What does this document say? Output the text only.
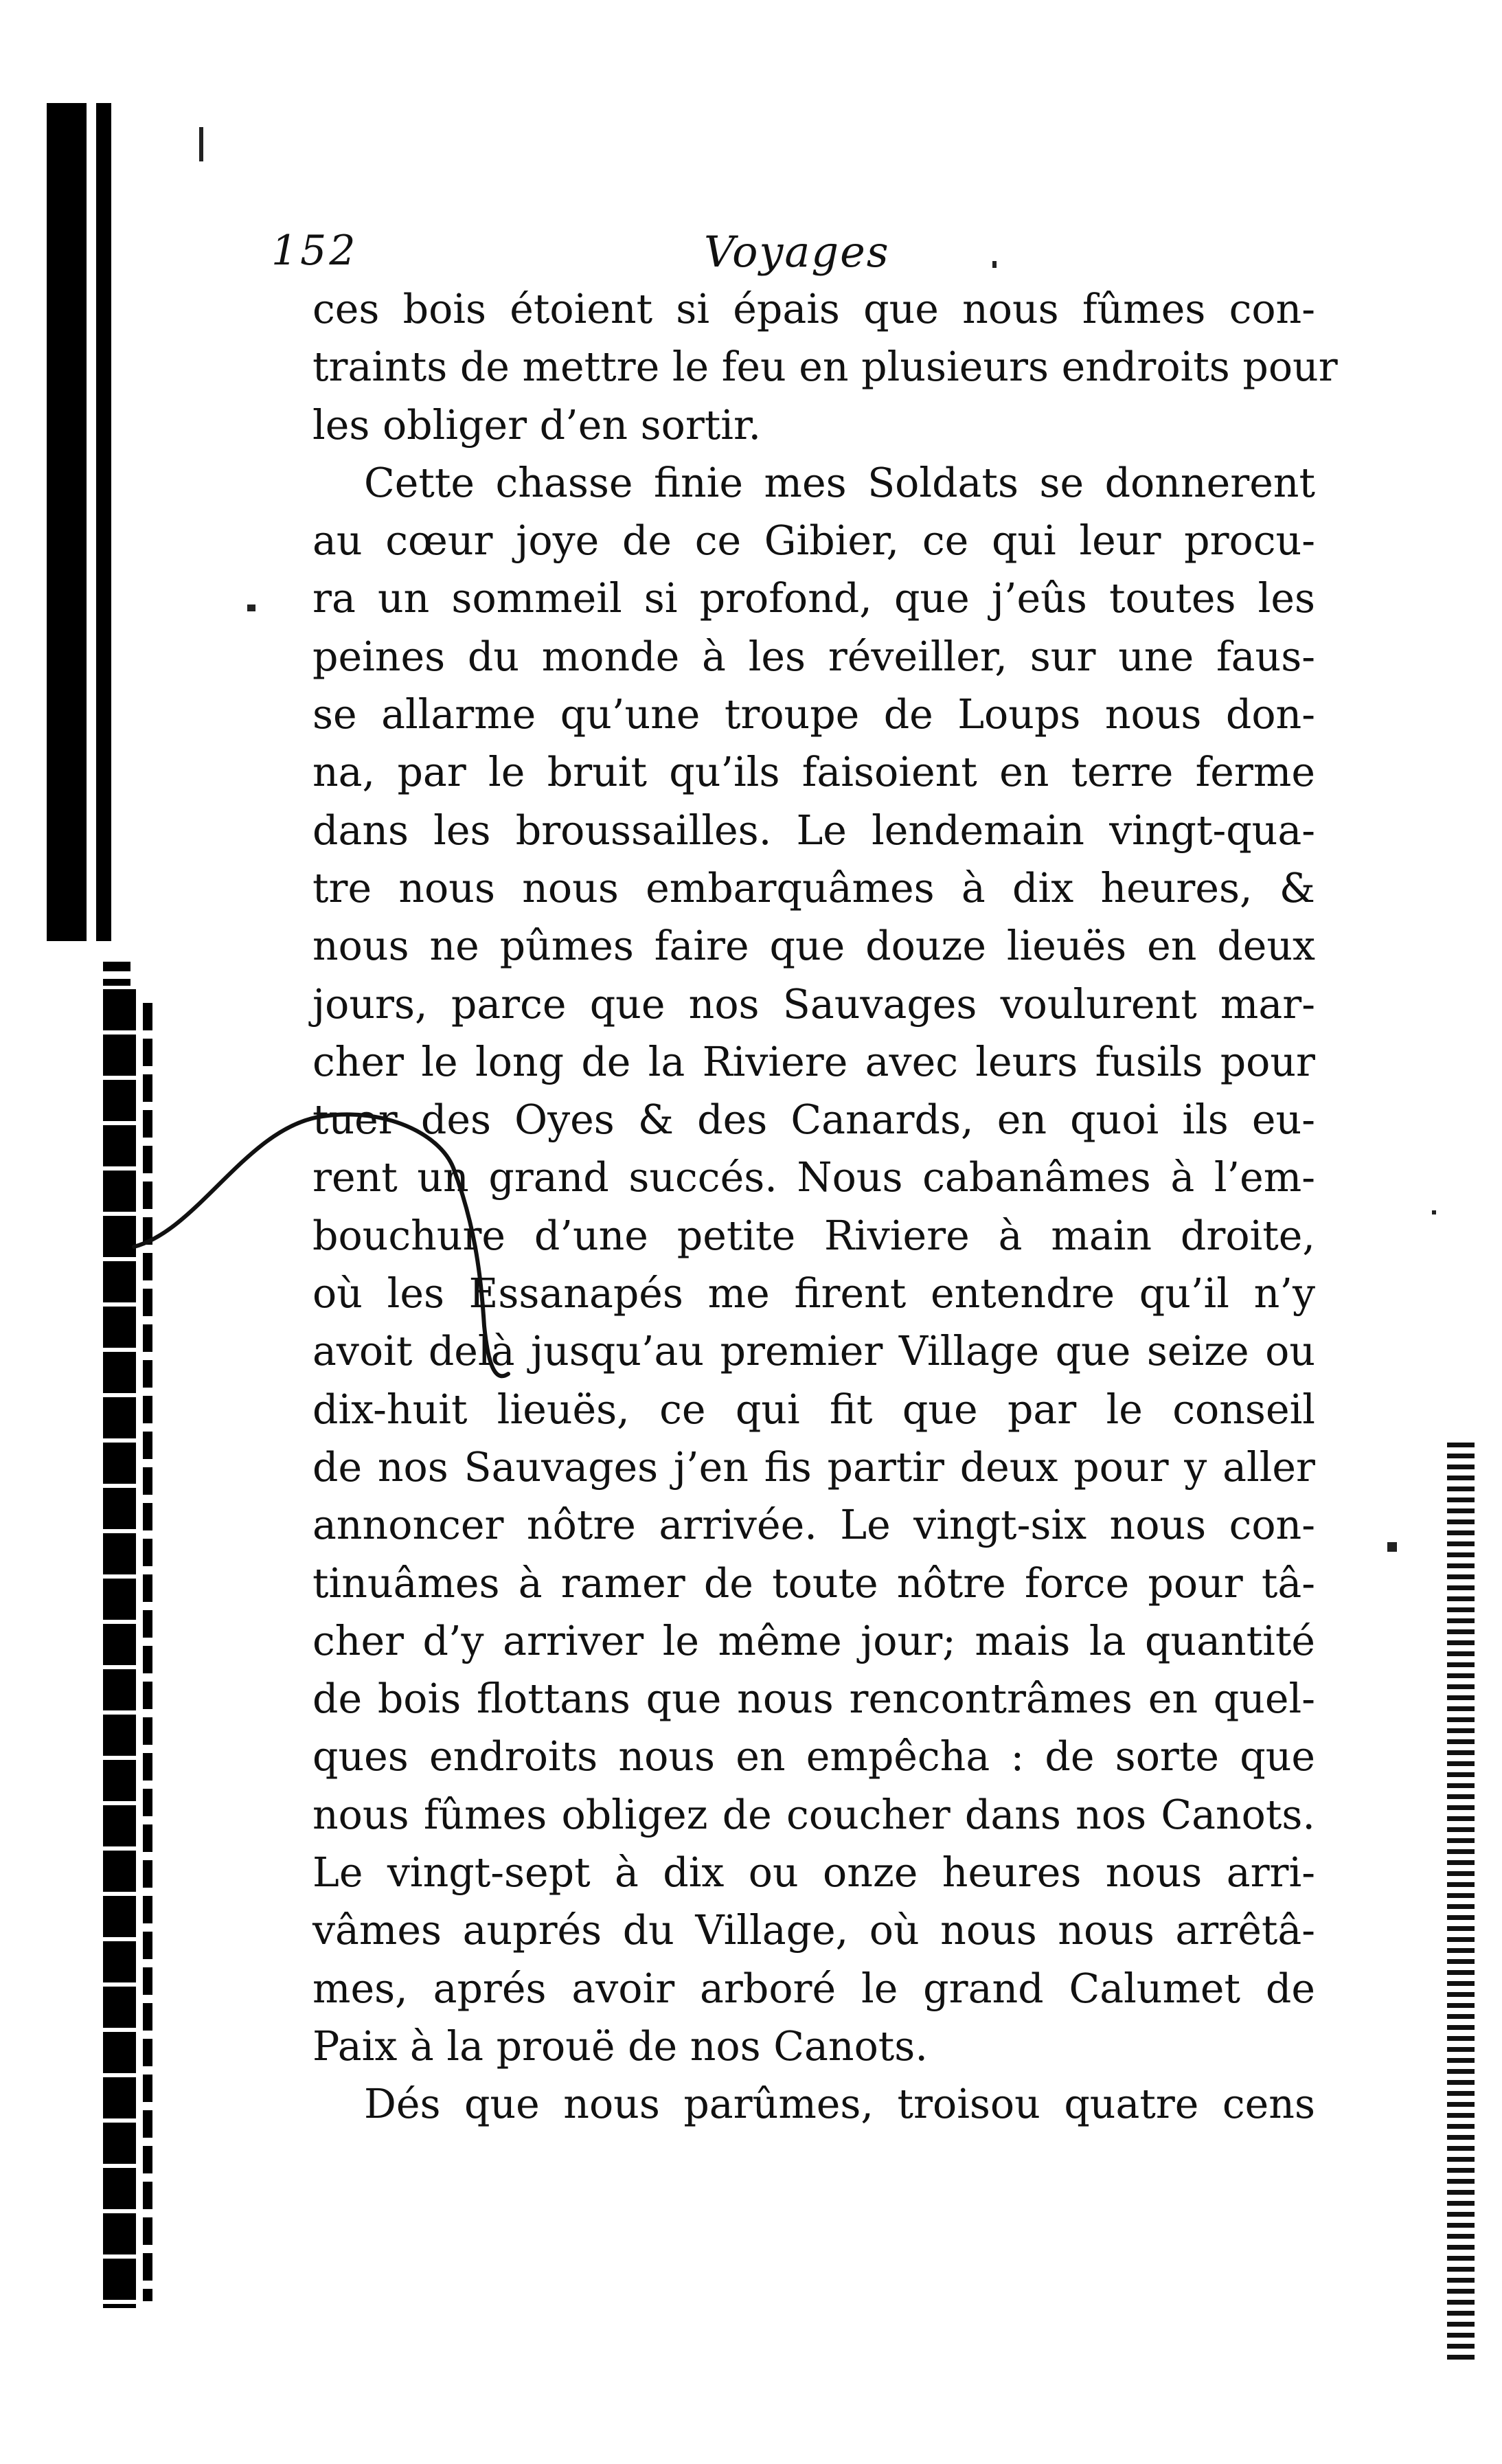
152	Voyages
ces bois étoient si épais que nous fûmes con-
traints de mettre le feu en plusieurs endroits pour
les obliger d’en sortir.
Cette chasse finie mes Soldats se donnerent
au cœur joye de ce Gibier, ce qui leur procu-
ra un sommeil si profond, que j’eûs toutes les
peines du monde à les réveiller, sur une faus-
se allarme qu’une troupe de Loups nous don-
na, par le bruit qu’ils faisoient en terre ferme
dans les broussailles. Le lendemain vingt-qua-
tre nous nous embarquâmes à dix heures, &
nous ne pûmes faire que douze lieuës en deux
jours, parce que nos Sauvages voulurent mar-
cher le long de la Riviere avec leurs fusils pour
tuer des Oyes & des Canards, en quoi ils eu-
rent un grand succés. Nous cabanâmes à l’em-
bouchure d’une petite Riviere à main droite,
où les Essanapés me firent entendre qu’il n’y
avoit delà jusqu’au premier Village que seize ou
dix-huit lieuës, ce qui fit que par le conseil
de nos Sauvages j’en fis partir deux pour y aller
annoncer nôtre arrivée. Le vingt-six nous con-
tinuâmes à ramer de toute nôtre force pour tâ-
cher d’y arriver le même jour; mais la quantité
de bois flottans que nous rencontrâmes en quel-
ques endroits nous en empêcha : de sorte que
nous fûmes obligez de coucher dans nos Canots.
Le vingt-sept à dix ou onze heures nous arri-
vâmes auprés du Village, où nous nous arrêtâ-
mes, aprés avoir arboré le grand Calumet de
Paix à la prouë de nos Canots.
Dés que nous parûmes, troisou quatre cens
